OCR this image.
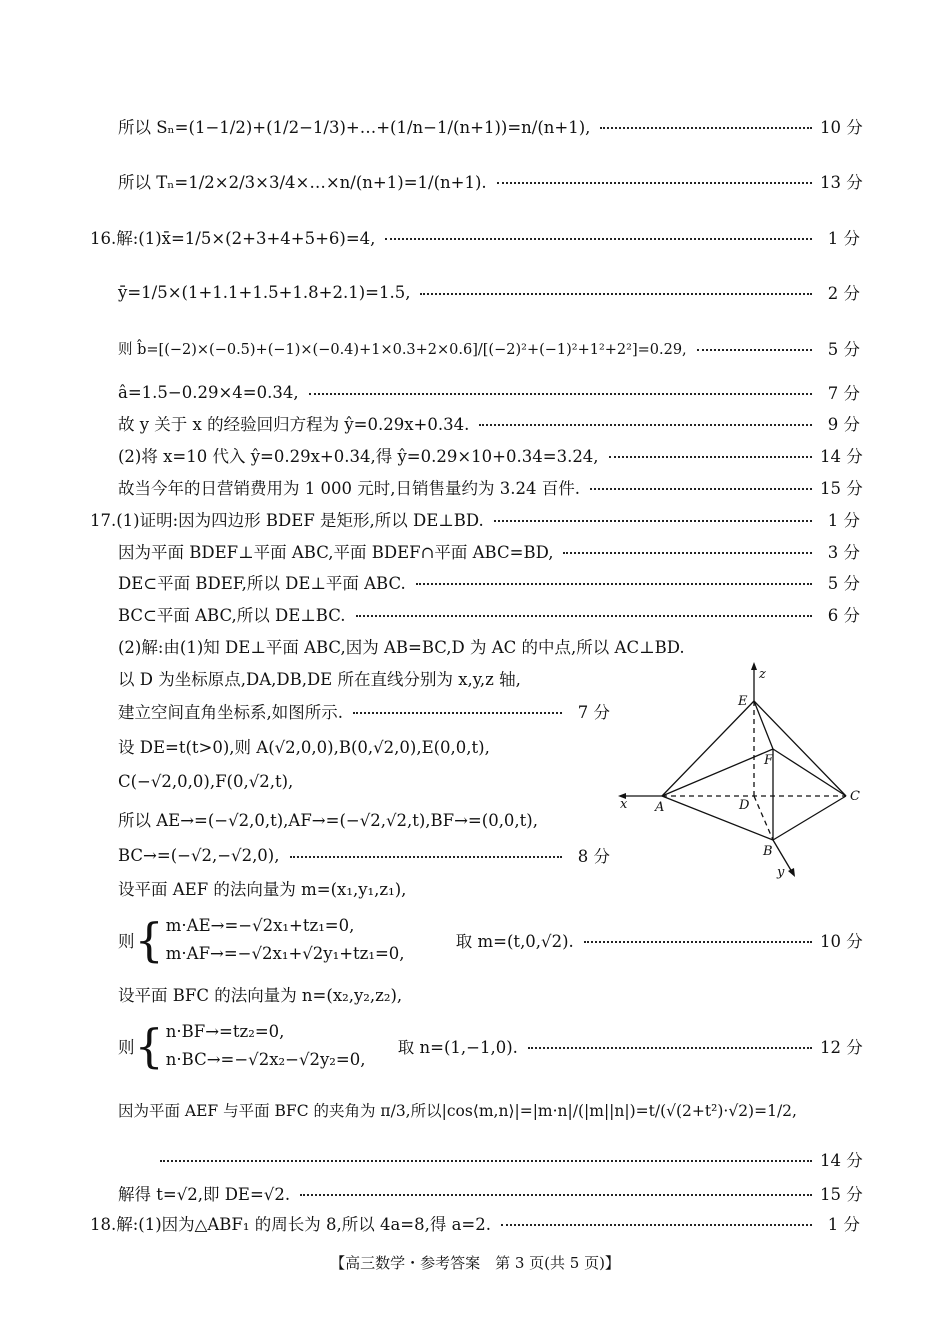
所以 Sₙ=(1−1/2)+(1/2−1/3)+…+(1/n−1/(n+1))=n/(n+1),	10 分
所以 Tₙ=1/2×2/3×3/4×…×n/(n+1)=1/(n+1).	13 分
16.解:(1)x̄=1/5×(2+3+4+5+6)=4,	1 分
ȳ=1/5×(1+1.1+1.5+1.8+2.1)=1.5,	2 分
则 b̂=[(−2)×(−0.5)+(−1)×(−0.4)+1×0.3+2×0.6]/[(−2)²+(−1)²+1²+2²]=0.29,	5 分
â=1.5−0.29×4=0.34,	7 分
故 y 关于 x 的经验回归方程为 ŷ=0.29x+0.34.	9 分
(2)将 x=10 代入 ŷ=0.29x+0.34,得 ŷ=0.29×10+0.34=3.24,	14 分
故当今年的日营销费用为 1 000 元时,日销售量约为 3.24 百件.	15 分
17.(1)证明:因为四边形 BDEF 是矩形,所以 DE⊥BD.	1 分
因为平面 BDEF⊥平面 ABC,平面 BDEF∩平面 ABC=BD,	3 分
DE⊂平面 BDEF,所以 DE⊥平面 ABC.	5 分
BC⊂平面 ABC,所以 DE⊥BC.	6 分
(2)解:由(1)知 DE⊥平面 ABC,因为 AB=BC,D 为 AC 的中点,所以 AC⊥BD.
以 D 为坐标原点,DA,DB,DE 所在直线分别为 x,y,z 轴,
建立空间直角坐标系,如图所示.	7 分
设 DE=t(t>0),则 A(√2,0,0),B(0,√2,0),E(0,0,t),
C(−√2,0,0),F(0,√2,t),
所以 AE→=(−√2,0,t),AF→=(−√2,√2,t),BF→=(0,0,t),
BC→=(−√2,−√2,0),	8 分
设平面 AEF 的法向量为 m=(x₁,y₁,z₁),
则 { m·AE→=−√2x₁+tz₁=0,
m·AF→=−√2x₁+√2y₁+tz₁=0,
取 m=(t,0,√2).	10 分
设平面 BFC 的法向量为 n=(x₂,y₂,z₂),
则 { n·BF→=tz₂=0,
n·BC→=−√2x₂−√2y₂=0,
取 n=(1,−1,0).	12 分
因为平面 AEF 与平面 BFC 的夹角为 π/3,所以|cos⟨m,n⟩|=|m·n|/(|m||n|)=t/(√(2+t²)·√2)=1/2,
14 分
解得 t=√2,即 DE=√2.	15 分
18.解:(1)因为△ABF₁ 的周长为 8,所以 4a=8,得 a=2.	1 分
z
E
F
x A	D
C
B
y
【高三数学・参考答案　第 3 页(共 5 页)】
